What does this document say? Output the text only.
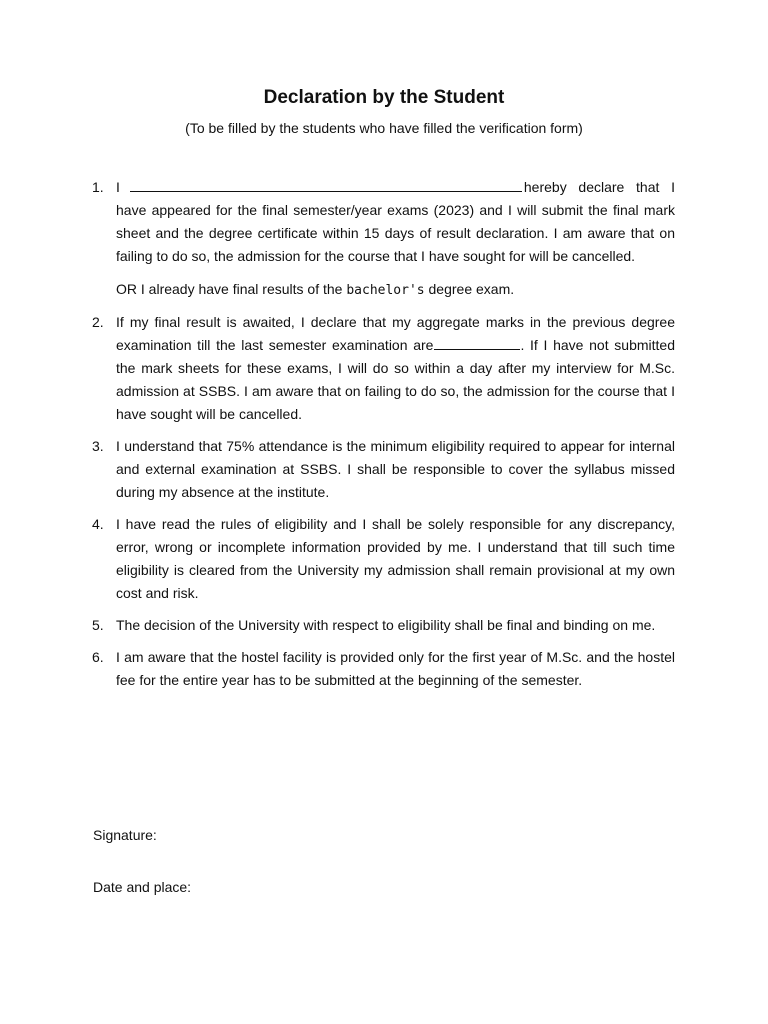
Declaration by the Student
(To be filled by the students who have filled the verification form)
1. I	hereby declare that I have appeared for the final semester/year exams (2023) and I will submit the final mark sheet and the degree certificate within 15 days of result declaration. I am aware that on failing to do so, the admission for the course that I have sought for will be cancelled.
OR I already have final results of the bachelor's degree exam.
2. If my final result is awaited, I declare that my aggregate marks in the previous degree examination till the last semester examination are	. If I have not submitted the mark sheets for these exams, I will do so within a day after my interview for M.Sc. admission at SSBS. I am aware that on failing to do so, the admission for the course that I have sought will be cancelled.
3. I understand that 75% attendance is the minimum eligibility required to appear for internal and external examination at SSBS. I shall be responsible to cover the syllabus missed during my absence at the institute.
4. I have read the rules of eligibility and I shall be solely responsible for any discrepancy, error, wrong or incomplete information provided by me. I understand that till such time eligibility is cleared from the University my admission shall remain provisional at my own cost and risk.
5. The decision of the University with respect to eligibility shall be final and binding on me.
6. I am aware that the hostel facility is provided only for the first year of M.Sc. and the hostel fee for the entire year has to be submitted at the beginning of the semester.
Signature:
Date and place:
